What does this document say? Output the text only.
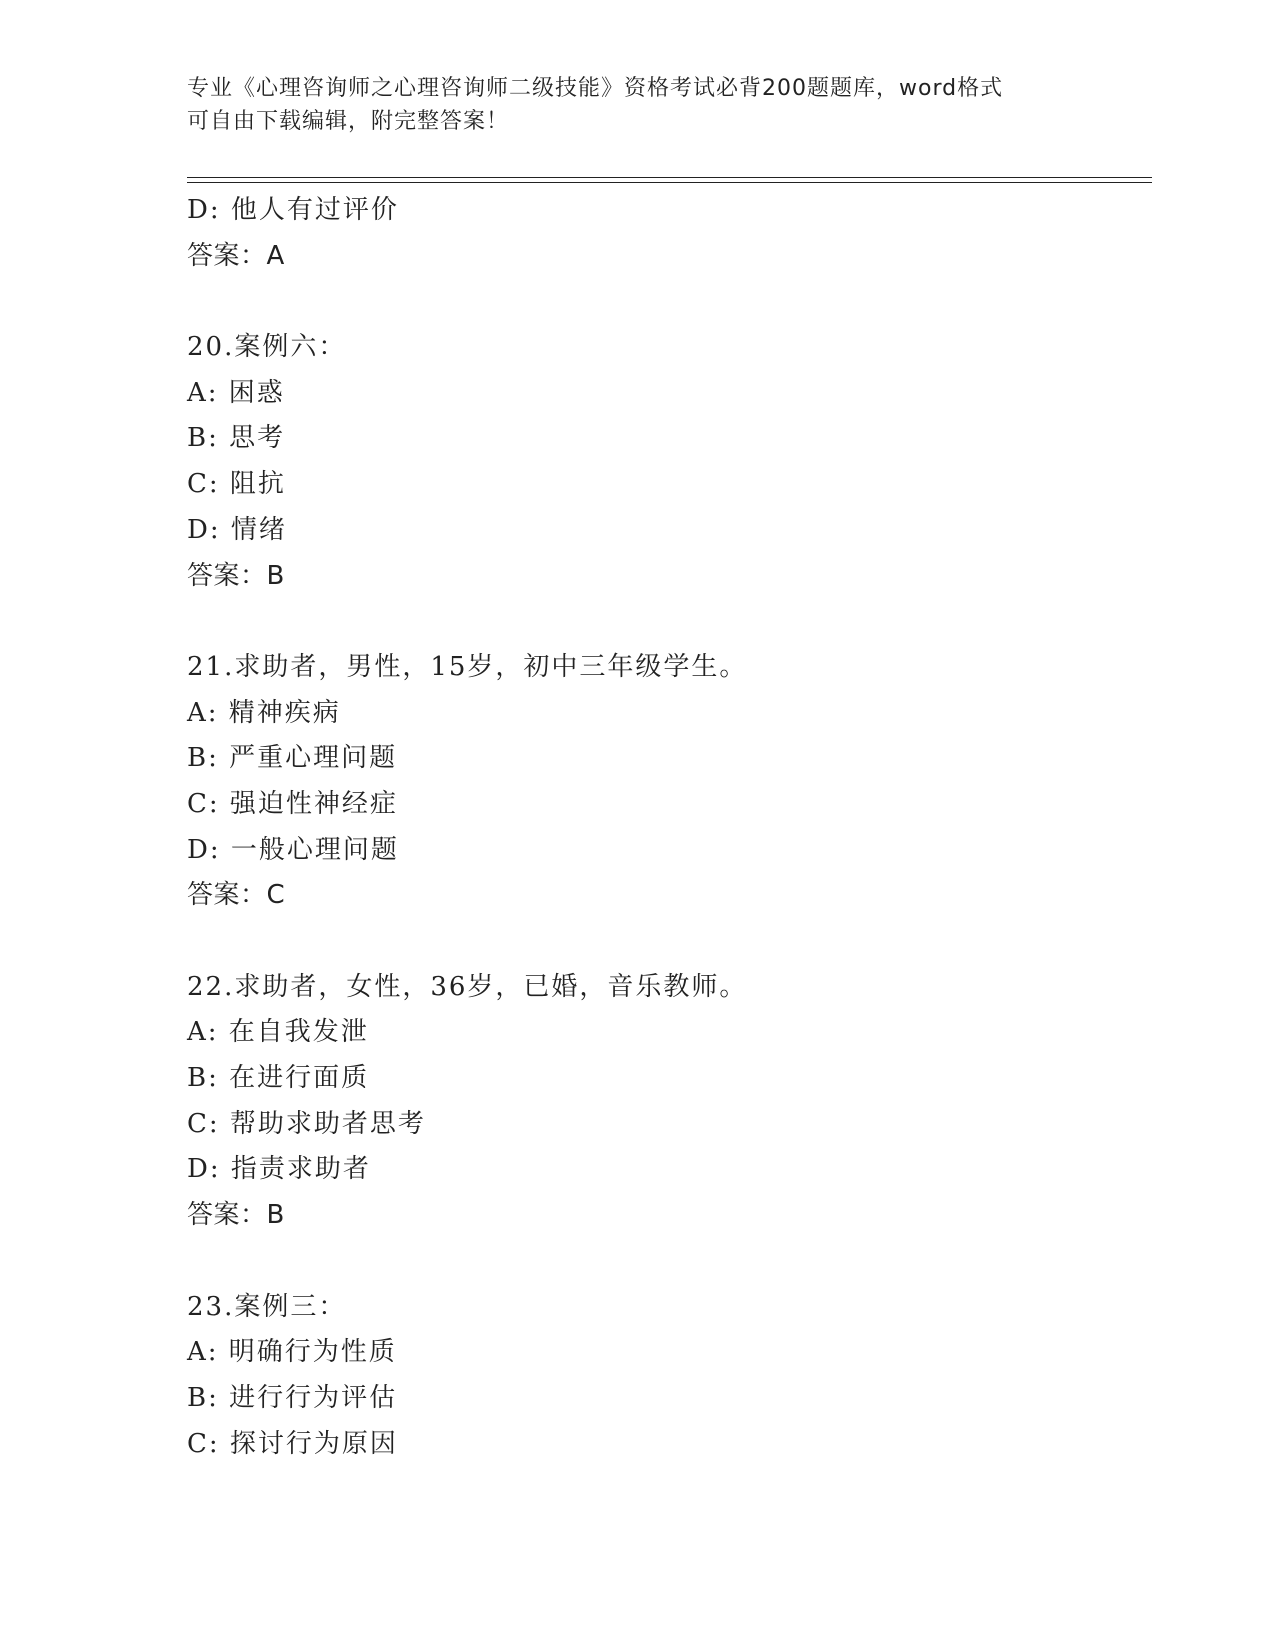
专业《心理咨询师之心理咨询师二级技能》资格考试必背200题题库，word格式
可自由下载编辑，附完整答案！
D: 他人有过评价
答案：A
20.案例六：
A: 困惑
B: 思考
C: 阻抗
D: 情绪
答案：B
21.求助者，男性，15岁，初中三年级学生。
A: 精神疾病
B: 严重心理问题
C: 强迫性神经症
D: 一般心理问题
答案：C
22.求助者，女性，36岁，已婚，音乐教师。
A: 在自我发泄
B: 在进行面质
C: 帮助求助者思考
D: 指责求助者
答案：B
23.案例三：
A: 明确行为性质
B: 进行行为评估
C: 探讨行为原因
